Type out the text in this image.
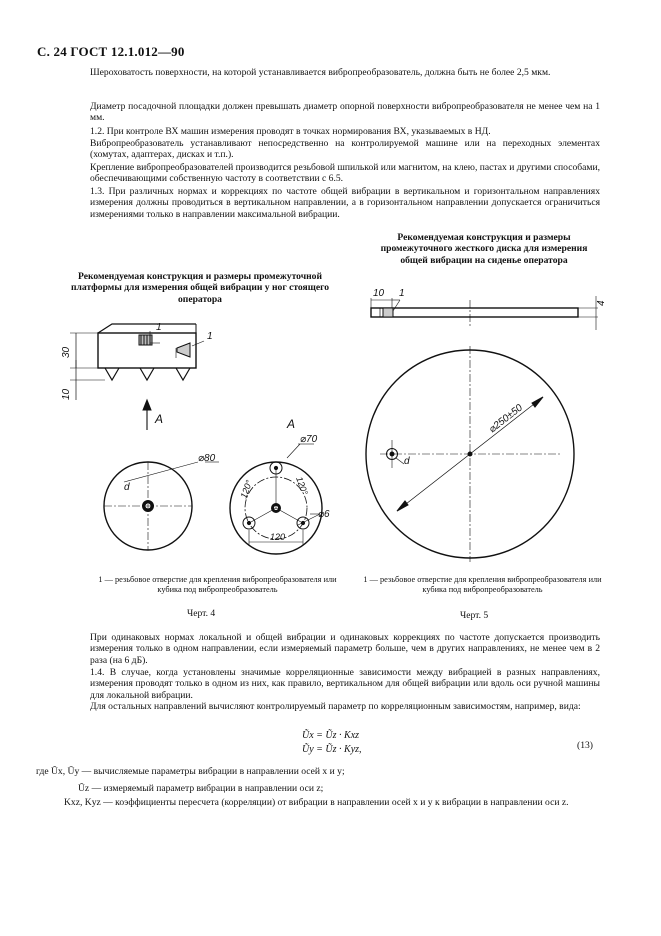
С. 24 ГОСТ 12.1.012—90
Шероховатость поверхности, на которой устанавливается вибропреобразователь, должна быть не более 2,5 мкм.
Диаметр посадочной площадки должен превышать диаметр опорной поверхности вибропреобразователя не менее чем на 1 мм.
1.2. При контроле ВХ машин измерения проводят в точках нормирования ВХ, указываемых в НД.
Вибропреобразователь устанавливают непосредственно на контролируемой машине или на переходных элементах (хомутах, адаптерах, дисках и т.п.).
Крепление вибропреобразователей производится резьбовой шпилькой или магнитом, на клею, пастах и другими способами, обеспечивающими собственную частоту в соответствии с 6.5.
1.3. При различных нормах и коррекциях по частоте общей вибрации в вертикальном и горизонтальном направлениях измерения должны проводиться в вертикальном направлении, а в горизонтальном направлении допускается ограничиться измерениями только в направлении максимальной вибрации.
Рекомендуемая конструкция и размеры промежуточного жесткого диска для измерения общей вибрации на сиденье оператора
Рекомендуемая конструкция и размеры промежуточной платформы для измерения общей вибрации у ног стоящего оператора
30
10
1
1
A	A
⌀80
d
⌀70
⌀6
120°	120°
120
10 1
4
⌀250±50
d
1 — резьбовое отверстие для крепления вибропреобразователя или кубика под вибропреобразователь
1 — резьбовое отверстие для крепления вибропреобразователя или кубика под вибропреобразователь
Черт. 4	Черт. 5
При одинаковых нормах локальной и общей вибрации и одинаковых коррекциях по частоте допускается производить измерения только в одном направлении, если измеряемый параметр больше, чем в других направлениях, не менее чем в 2 раза (на 6 дБ).
1.4. В случае, когда установлены значимые корреляционные зависимости между вибрацией в разных направлениях, измерения проводят только в одном из них, как правило, вертикальном для общей вибрации или вдоль оси ручной машины для локальной вибрации.
Для остальных направлений вычисляют контролируемый параметр по корреляционным зависимостям, например, вида:
Ũx = Ũz · Kxz
Ũy = Ũz · Kyz,	(13)
где Ũx, Ũy — вычисляемые параметры вибрации в направлении осей x и y;
Ũz — измеряемый параметр вибрации в направлении оси z;
Kxz, Kyz — коэффициенты пересчета (корреляции) от вибрации в направлении осей x и y к вибрации в направлении оси z.
